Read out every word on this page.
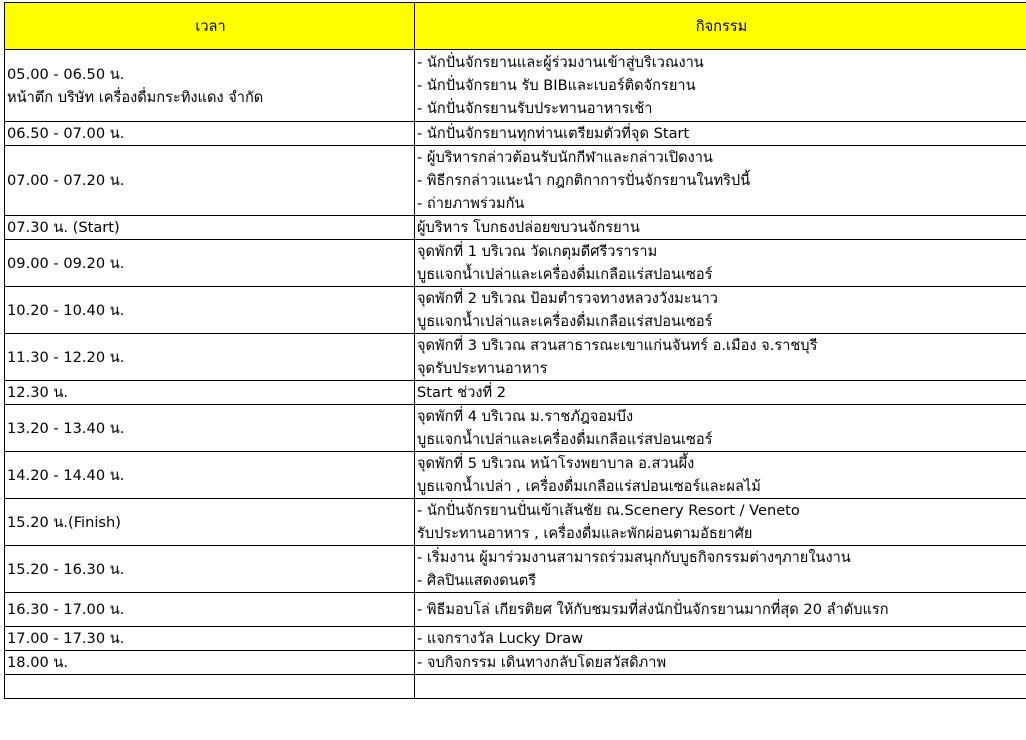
เวลา	กิจกรรม

05.00 - 06.50 น.
หน้าตึก บริษัท เครื่องดื่มกระทิงแดง จำกัด	- นักปั่นจักรยานและผู้ร่วมงานเข้าสู่บริเวณงาน
- นักปั่นจักรยาน รับ BIBและเบอร์ติดจักรยาน
- นักปั่นจักรยานรับประทานอาหารเช้า

06.50 - 07.00 น.	- นักปั่นจักรยานทุกท่านเตรียมตัวที่จุด Start

07.00 - 07.20 น.	- ผู้บริหารกล่าวต้อนรับนักกีฬาและกล่าวเปิดงาน
- พิธีกรกล่าวแนะนำ กฎกติกาการปั่นจักรยานในทริปนี้
- ถ่ายภาพร่วมกัน

07.30 น. (Start)	ผู้บริหาร โบกธงปล่อยขบวนจักรยาน

09.00 - 09.20 น.	จุดพักที่ 1 บริเวณ วัดเกตุมดีศรีวราราม
บูธแจกน้ำเปล่าและเครื่องดื่มเกลือแร่สปอนเซอร์

10.20 - 10.40 น.	จุดพักที่ 2 บริเวณ ป้อมตำรวจทางหลวงวังมะนาว
บูธแจกน้ำเปล่าและเครื่องดื่มเกลือแร่สปอนเซอร์

11.30 - 12.20 น.	จุดพักที่ 3 บริเวณ สวนสาธารณะเขาแก่นจันทร์ อ.เมือง จ.ราชบุรี
จุดรับประทานอาหาร

12.30 น.	Start ช่วงที่ 2

13.20 - 13.40 น.	จุดพักที่ 4 บริเวณ ม.ราชภัฎจอมบึง
บูธแจกน้ำเปล่าและเครื่องดื่มเกลือแร่สปอนเซอร์

14.20 - 14.40 น.	จุดพักที่ 5 บริเวณ หน้าโรงพยาบาล อ.สวนผึ้ง
บูธแจกน้ำเปล่า , เครื่องดื่มเกลือแร่สปอนเซอร์และผลไม้

15.20 น.(Finish)	- นักปั่นจักรยานปั่นเข้าเส้นชัย ณ.Scenery Resort / Veneto
รับประทานอาหาร , เครื่องดื่มและพักผ่อนตามอัธยาศัย

15.20 - 16.30 น.	- เริ่มงาน ผู้มาร่วมงานสามารถร่วมสนุกกับบูธกิจกรรมต่างๆภายในงาน
- ศิลปินแสดงดนตรี

16.30 - 17.00 น.	- พิธีมอบโล่ เกียรติยศ ให้กับชมรมที่ส่งนักปั่นจักรยานมากที่สุด 20 ลำดับแรก

17.00 - 17.30 น.	- แจกรางวัล Lucky Draw

18.00 น.	- จบกิจกรรม เดินทางกลับโดยสวัสดิภาพ
